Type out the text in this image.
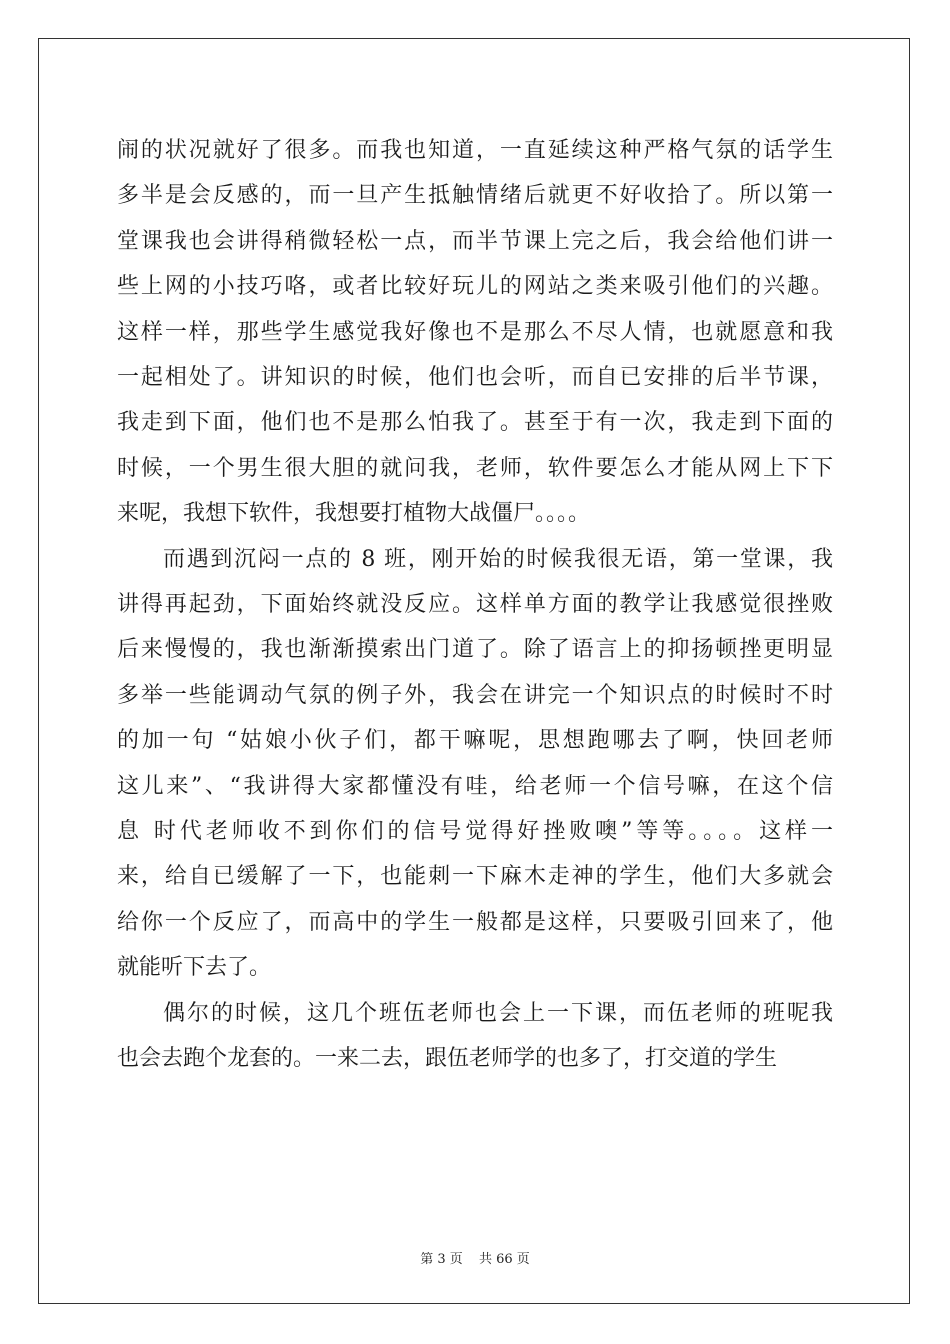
闹的状况就好了很多。而我也知道，一直延续这种严格气氛的话学生
多半是会反感的，而一旦产生抵触情绪后就更不好收拾了。所以第一
堂课我也会讲得稍微轻松一点，而半节课上完之后，我会给他们讲一
些上网的小技巧咯，或者比较好玩儿的网站之类来吸引他们的兴趣。
这样一样，那些学生感觉我好像也不是那么不尽人情，也就愿意和我
一起相处了。讲知识的时候，他们也会听，而自已安排的后半节课，
我走到下面，他们也不是那么怕我了。甚至于有一次，我走到下面的
时候，一个男生很大胆的就问我，老师，软件要怎么才能从网上下下
来呢，我想下软件，我想要打植物大战僵尸。。。。
而遇到沉闷一点的 8 班，刚开始的时候我很无语，第一堂课，我
讲得再起劲，下面始终就没反应。这样单方面的教学让我感觉很挫败
后来慢慢的，我也渐渐摸索出门道了。除了语言上的抑扬顿挫更明显
多举一些能调动气氛的例子外，我会在讲完一个知识点的时候时不时
的加一句 “姑娘小伙子们，都干嘛呢，思想跑哪去了啊，快回老师
这儿来”、“我讲得大家都懂没有哇，给老师一个信号嘛，在这个信
息 时代老师收不到你们的信号觉得好挫败噢”等等。。。。这样一
来，给自已缓解了一下，也能刺一下麻木走神的学生，他们大多就会
给你一个反应了，而高中的学生一般都是这样，只要吸引回来了，他
就能听下去了。
偶尔的时候，这几个班伍老师也会上一下课，而伍老师的班呢我
也会去跑个龙套的。一来二去，跟伍老师学的也多了，打交道的学生
第 3 页 共 66 页
